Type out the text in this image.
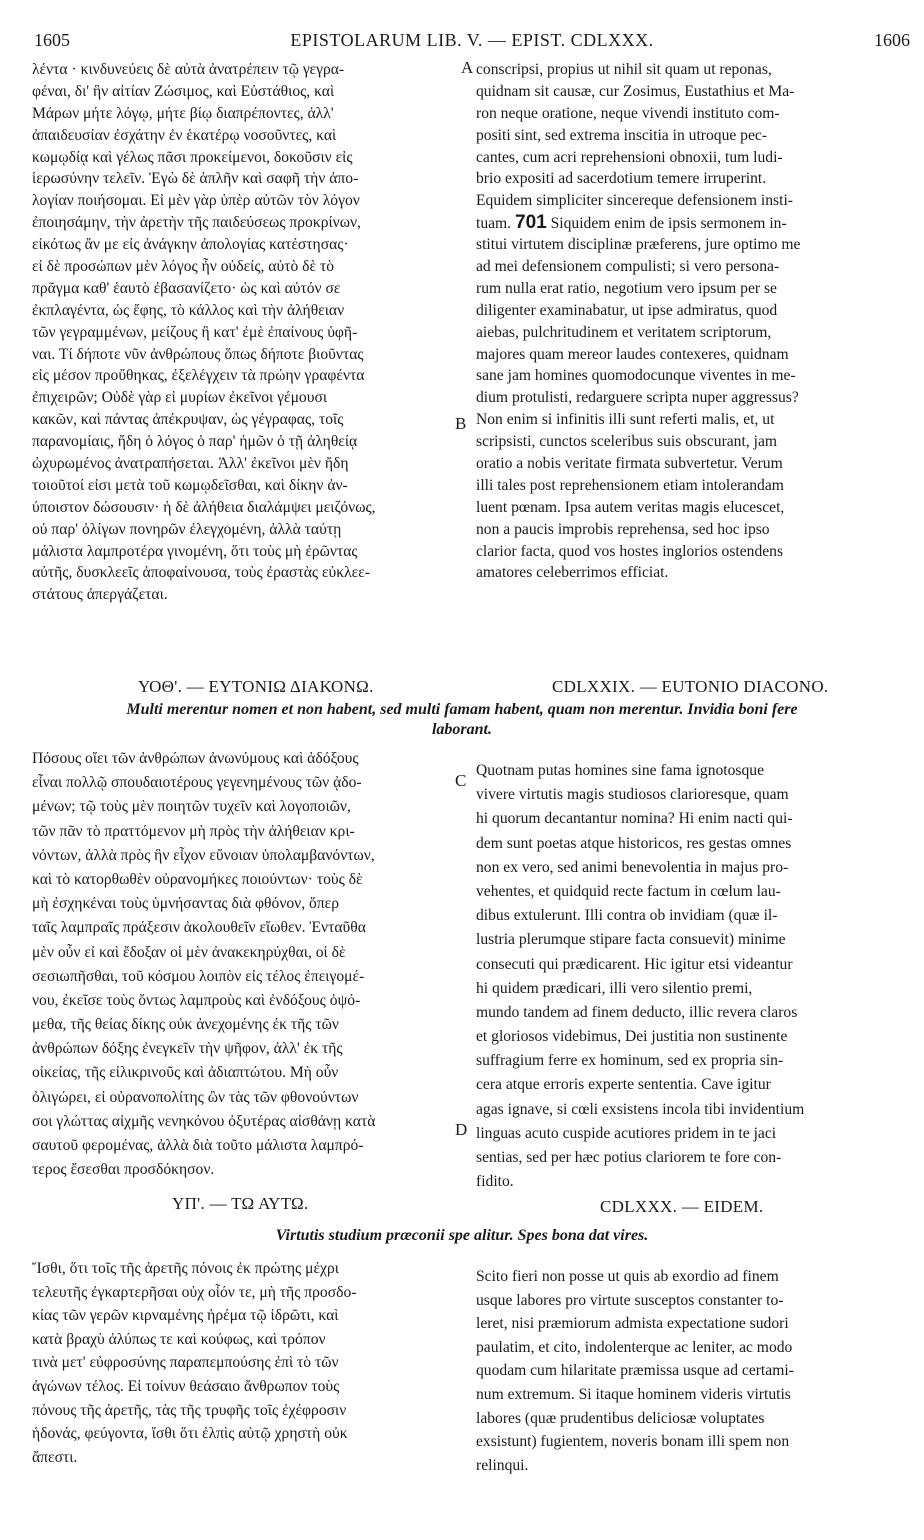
1605	EPISTOLARUM LIB. V. — EPIST. CDLXXX.	1606
A
B
C
D
λέντα · κινδυνεύεις δὲ αὐτὰ ἀνατρέπειν τῷ γεγρα-
φέναι, δι' ἣν αἰτίαν Ζώσιμος, καὶ Εὐστάθιος, καὶ
Μάρων μήτε λόγῳ, μήτε βίῳ διαπρέποντες, ἀλλ'
ἀπαιδευσίαν ἐσχάτην ἐν ἑκατέρῳ νοσοῦντες, καὶ
κωμῳδίᾳ καὶ γέλως πᾶσι προκείμενοι, δοκοῦσιν εἰς
ἱερωσύνην τελεῖν. Ἐγὼ δὲ ἁπλῆν καὶ σαφῆ τὴν ἀπο-
λογίαν ποιήσομαι. Εἰ μὲν γὰρ ὑπὲρ αὐτῶν τὸν λόγον
ἐποιησάμην, τὴν ἀρετὴν τῆς παιδεύσεως προκρίνων,
εἰκότως ἄν με εἰς ἀνάγκην ἀπολογίας κατέστησας·
εἰ δὲ προσώπων μὲν λόγος ἦν οὐδείς, αὐτὸ δὲ τὸ
πρᾶγμα καθ' ἑαυτὸ ἐβασανίζετο· ὡς καὶ αὐτόν σε
ἐκπλαγέντα, ὡς ἔφης, τὸ κάλλος καὶ τὴν ἀλήθειαν
τῶν γεγραμμένων, μείζους ἢ κατ' ἐμὲ ἐπαίνους ὑφῆ-
ναι. Τί δήποτε νῦν ἀνθρώπους ὅπως δήποτε βιοῦντας
εἰς μέσον προὔθηκας, ἐξελέγχειν τὰ πρώην γραφέντα
ἐπιχειρῶν; Οὐδὲ γὰρ εἰ μυρίων ἐκεῖνοι γέμουσι
κακῶν, καὶ πάντας ἀπέκρυψαν, ὡς γέγραφας, τοῖς
παρανομίαις, ἤδη ὁ λόγος ὁ παρ' ἡμῶν ὁ τῇ ἀληθείᾳ
ὠχυρωμένος ἀνατραπήσεται. Ἀλλ' ἐκεῖνοι μὲν ἤδη
τοιοῦτοί εἰσι μετὰ τοῦ κωμῳδεῖσθαι, καὶ δίκην ἀν-
ύποιστον δώσουσιν· ἡ δὲ ἀλήθεια διαλάμψει μειζόνως,
οὐ παρ' ὀλίγων πονηρῶν ἐλεγχομένη, ἀλλὰ ταύτῃ
μάλιστα λαμπροτέρα γινομένη, ὅτι τοὺς μὴ ἐρῶντας
αὐτῆς, δυσκλεεῖς ἀποφαίνουσα, τοὺς ἐραστὰς εὐκλεε-
στάτους ἀπεργάζεται.
conscripsi, propius ut nihil sit quam ut reponas,
quidnam sit causæ, cur Zosimus, Eustathius et Ma-
ron neque oratione, neque vivendi instituto com-
positi sint, sed extrema inscitia in utroque pec-
cantes, cum acri reprehensioni obnoxii, tum ludi-
brio expositi ad sacerdotium temere irruperint.
Equidem simpliciter sincereque defensionem insti-
tuam. 701 Siquidem enim de ipsis sermonem in-
stitui virtutem disciplinæ præferens, jure optimo me
ad mei defensionem compulisti; si vero persona-
rum nulla erat ratio, negotium vero ipsum per se
diligenter examinabatur, ut ipse admiratus, quod
aiebas, pulchritudinem et veritatem scriptorum,
majores quam mereor laudes contexeres, quidnam
sane jam homines quomodocunque viventes in me-
dium protulisti, redarguere scripta nuper aggressus?
Non enim si infinitis illi sunt referti malis, et, ut
scripsisti, cunctos sceleribus suis obscurant, jam
oratio a nobis veritate firmata subvertetur. Verum
illi tales post reprehensionem etiam intolerandam
luent pœnam. Ipsa autem veritas magis elucescet,
non a paucis improbis reprehensa, sed hoc ipso
clarior facta, quod vos hostes inglorios ostendens
amatores celeberrimos efficiat.
ΥΟΘ'. — ΕΥΤΟΝΙΩ ΔΙΑΚΟΝΩ.	CDLXXIX. — EUTONIO DIACONO.
Multi merentur nomen et non habent, sed multi famam habent, quam non merentur. Invidia boni fere
laborant.
Πόσους οἴει τῶν ἀνθρώπων ἀνωνύμους καὶ ἀδόξους
εἶναι πολλῷ σπουδαιοτέρους γεγενημένους τῶν ᾀδο-
μένων; τῷ τοὺς μὲν ποιητῶν τυχεῖν καὶ λογοποιῶν,
τῶν πᾶν τὸ πραττόμενον μὴ πρὸς τὴν ἀλήθειαν κρι-
νόντων, ἀλλὰ πρὸς ἣν εἶχον εὔνοιαν ὑπολαμβανόντων,
καὶ τὸ κατορθωθὲν οὐρανομήκες ποιούντων· τοὺς δὲ
μὴ ἐσχηκέναι τοὺς ὑμνήσαντας διὰ φθόνον, ὅπερ
ταῖς λαμπραῖς πράξεσιν ἀκολουθεῖν εἴωθεν. Ἐνταῦθα
μὲν οὖν εἰ καὶ ἔδοξαν οἱ μὲν ἀνακεκηρύχθαι, οἱ δὲ
σεσιωπῆσθαι, τοῦ κόσμου λοιπὸν εἰς τέλος ἐπειγομέ-
νου, ἐκεῖσε τοὺς ὄντως λαμπροὺς καὶ ἐνδόξους ὀψό-
μεθα, τῆς θείας δίκης οὐκ ἀνεχομένης ἐκ τῆς τῶν
ἀνθρώπων δόξης ἐνεγκεῖν τὴν ψῆφον, ἀλλ' ἐκ τῆς
οἰκείας, τῆς εἰλικρινοῦς καὶ ἀδιαπτώτου. Μὴ οὖν
ὀλιγώρει, εἰ οὐρανοπολίτης ὢν τὰς τῶν φθονούντων
σοι γλώττας αἰχμῆς νενηκόνου ὀξυτέρας αἰσθάνῃ κατὰ
σαυτοῦ φερομένας, ἀλλὰ διὰ τοῦτο μάλιστα λαμπρό-
τερος ἔσεσθαι προσδόκησον.
Quotnam putas homines sine fama ignotosque
vivere virtutis magis studiosos clarioresque, quam
hi quorum decantantur nomina? Hi enim nacti qui-
dem sunt poetas atque historicos, res gestas omnes
non ex vero, sed animi benevolentia in majus pro-
vehentes, et quidquid recte factum in cœlum lau-
dibus extulerunt. Illi contra ob invidiam (quæ il-
lustria plerumque stipare facta consuevit) minime
consecuti qui prædicarent. Hic igitur etsi videantur
hi quidem prædicari, illi vero silentio premi,
mundo tandem ad finem deducto, illic revera claros
et gloriosos videbimus, Dei justitia non sustinente
suffragium ferre ex hominum, sed ex propria sin-
cera atque erroris experte sententia. Cave igitur
agas ignave, si cœli exsistens incola tibi invidentium
linguas acuto cuspide acutiores pridem in te jaci
sentias, sed per hæc potius clariorem te fore con-
fidito.
ΥΠ'. — ΤΩ ΑΥΤΩ.	CDLXXX. — EIDEM.
Virtutis studium præconii spe alitur. Spes bona dat vires.
Ἴσθι, ὅτι τοῖς τῆς ἀρετῆς πόνοις ἐκ πρώτης μέχρι
τελευτῆς ἐγκαρτερῆσαι οὐχ οἷόν τε, μὴ τῆς προσδο-
κίας τῶν γερῶν κιρναμένης ἠρέμα τῷ ἱδρῶτι, καὶ
κατὰ βραχὺ ἀλύπως τε καὶ κούφως, καὶ τρόπον
τινὰ μετ' εὐφροσύνης παραπεμπούσης ἐπὶ τὸ τῶν
ἀγώνων τέλος. Εἰ τοίνυν θεάσαιο ἄνθρωπον τοὺς
πόνους τῆς ἀρετῆς, τὰς τῆς τρυφῆς τοῖς ἐχέφροσιν
ἡδονάς, φεύγοντα, ἴσθι ὅτι ἐλπὶς αὐτῷ χρηστὴ οὐκ
ἄπεστι.
Scito fieri non posse ut quis ab exordio ad finem
usque labores pro virtute susceptos constanter to-
leret, nisi præmiorum admista expectatione sudori
paulatim, et cito, indolenterque ac leniter, ac modo
quodam cum hilaritate præmissa usque ad certami-
num extremum. Si itaque hominem videris virtutis
labores (quæ prudentibus deliciosæ voluptates
exsistunt) fugientem, noveris bonam illi spem non
relinqui.
